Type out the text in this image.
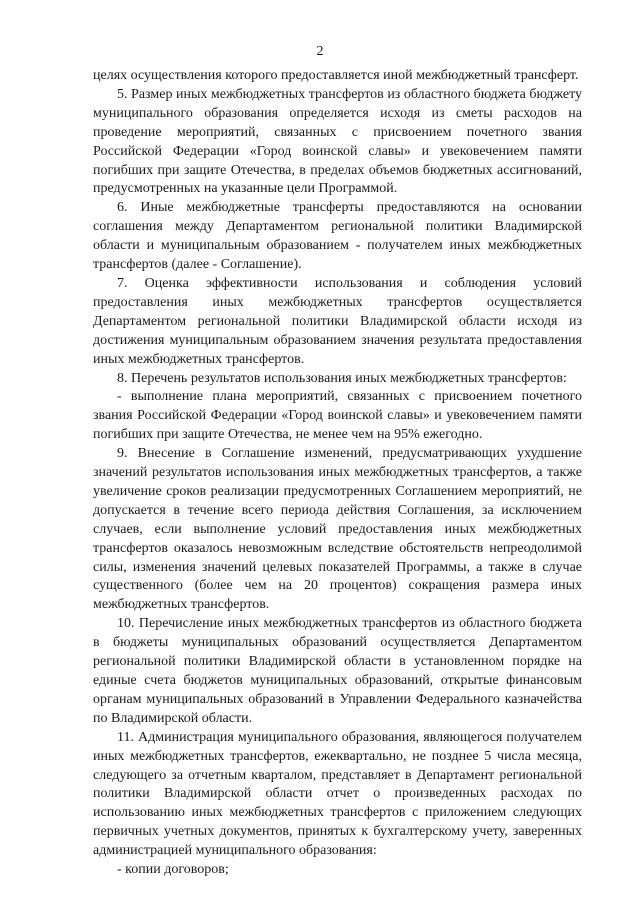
2

целях осуществления которого предоставляется иной межбюджетный трансферт.

5. Размер иных межбюджетных трансфертов из областного бюджета бюджету муниципального образования определяется исходя из сметы расходов на проведение мероприятий, связанных с присвоением почетного звания Российской Федерации «Город воинской славы» и увековечением памяти погибших при защите Отечества, в пределах объемов бюджетных ассигнований, предусмотренных на указанные цели Программой.

6. Иные межбюджетные трансферты предоставляются на основании соглашения между Департаментом региональной политики Владимирской области и муниципальным образованием - получателем иных межбюджетных трансфертов (далее - Соглашение).

7. Оценка эффективности использования и соблюдения условий предоставления иных межбюджетных трансфертов осуществляется Департаментом региональной политики Владимирской области исходя из достижения муниципальным образованием значения результата предоставления иных межбюджетных трансфертов.

8. Перечень результатов использования иных межбюджетных трансфертов:

- выполнение плана мероприятий, связанных с присвоением почетного звания Российской Федерации «Город воинской славы» и увековечением памяти погибших при защите Отечества, не менее чем на 95% ежегодно.

9. Внесение в Соглашение изменений, предусматривающих ухудшение значений результатов использования иных межбюджетных трансфертов, а также увеличение сроков реализации предусмотренных Соглашением мероприятий, не допускается в течение всего периода действия Соглашения, за исключением случаев, если выполнение условий предоставления иных межбюджетных трансфертов оказалось невозможным вследствие обстоятельств непреодолимой силы, изменения значений целевых показателей Программы, а также в случае существенного (более чем на 20 процентов) сокращения размера иных межбюджетных трансфертов.

10. Перечисление иных межбюджетных трансфертов из областного бюджета в бюджеты муниципальных образований осуществляется Департаментом региональной политики Владимирской области в установленном порядке на единые счета бюджетов муниципальных образований, открытые финансовым органам муниципальных образований в Управлении Федерального казначейства по Владимирской области.

11. Администрация муниципального образования, являющегося получателем иных межбюджетных трансфертов, ежеквартально, не позднее 5 числа месяца, следующего за отчетным кварталом, представляет в Департамент региональной политики Владимирской области отчет о произведенных расходах по использованию иных межбюджетных трансфертов с приложением следующих первичных учетных документов, принятых к бухгалтерскому учету, заверенных администрацией муниципального образования:

- копии договоров;
